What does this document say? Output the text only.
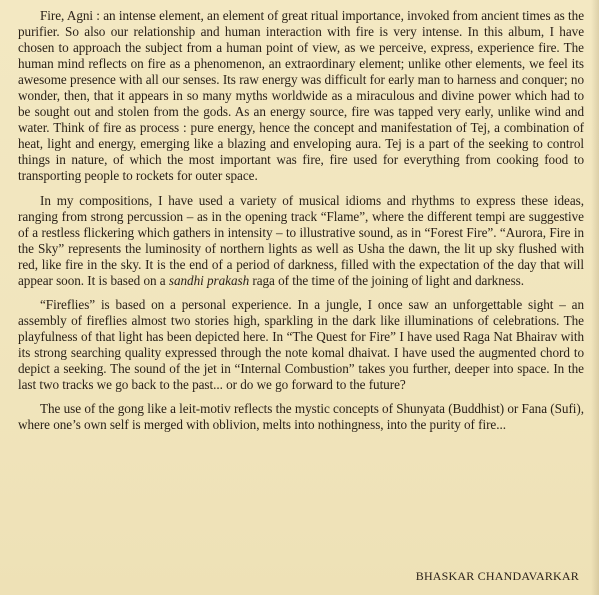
Fire, Agni : an intense element, an element of great ritual importance, invoked from ancient times as the purifier. So also our relationship and human interaction with fire is very intense. In this album, I have chosen to approach the subject from a human point of view, as we perceive, express, experience fire. The human mind reflects on fire as a phenomenon, an extraordinary element; unlike other elements, we feel its awesome presence with all our senses. Its raw energy was difficult for early man to harness and conquer; no wonder, then, that it appears in so many myths worldwide as a miraculous and divine power which had to be sought out and stolen from the gods. As an energy source, fire was tapped very early, unlike wind and water. Think of fire as process : pure energy, hence the concept and manifestation of Tej, a combination of heat, light and energy, emerging like a blazing and enveloping aura. Tej is a part of the seeking to control things in nature, of which the most important was fire, fire used for everything from cooking food to transporting people to rockets for outer space.

In my compositions, I have used a variety of musical idioms and rhythms to express these ideas, ranging from strong percussion – as in the opening track “Flame”, where the different tempi are suggestive of a restless flickering which gathers in intensity – to illustrative sound, as in “Forest Fire”. “Aurora, Fire in the Sky” represents the luminosity of northern lights as well as Usha the dawn, the lit up sky flushed with red, like fire in the sky. It is the end of a period of darkness, filled with the expectation of the day that will appear soon. It is based on a sandhi prakash raga of the time of the joining of light and darkness.

“Fireflies” is based on a personal experience. In a jungle, I once saw an unforgettable sight – an assembly of fireflies almost two stories high, sparkling in the dark like illuminations of celebrations. The playfulness of that light has been depicted here. In “The Quest for Fire” I have used Raga Nat Bhairav with its strong searching quality expressed through the note komal dhaivat. I have used the augmented chord to depict a seeking. The sound of the jet in “Internal Combustion” takes you further, deeper into space. In the last two tracks we go back to the past... or do we go forward to the future?

The use of the gong like a leit-motiv reflects the mystic concepts of Shunyata (Buddhist) or Fana (Sufi), where one’s own self is merged with oblivion, melts into nothingness, into the purity of fire...

BHASKAR CHANDAVARKAR
